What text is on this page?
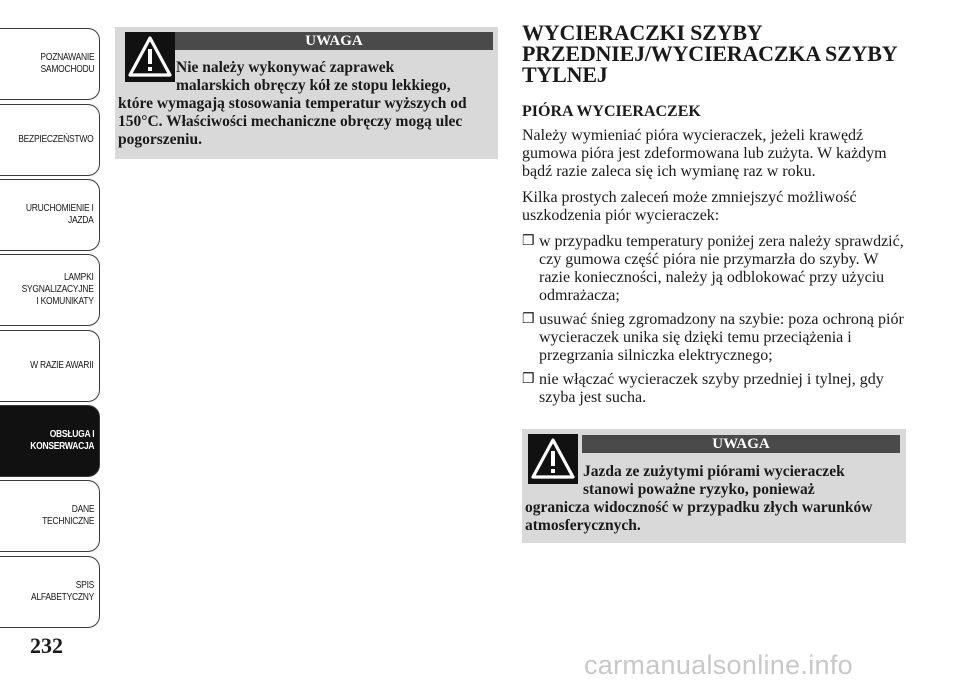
POZNAWANIE
SAMOCHODU
BEZPIECZEŃSTWO
URUCHOMIENIE I
JAZDA
LAMPKI
SYGNALIZACYJNE
I KOMUNIKATY
W RAZIE AWARII
OBSŁUGA I
KONSERWACJA
DANE
TECHNICZNE
SPIS
ALFABETYCZNY
232
UWAGA
Nie należy wykonywać zaprawek
malarskich obręczy kół ze stopu lekkiego,
które wymagają stosowania temperatur wyższych od 150°C. Właściwości mechaniczne obręczy mogą ulec pogorszeniu.
WYCIERACZKI SZYBY PRZEDNIEJ/WYCIERACZKA SZYBY TYLNEJ
PIÓRA WYCIERACZEK

Należy wymieniać pióra wycieraczek, jeżeli krawędź gumowa pióra jest zdeformowana lub zużyta. W każdym bądź razie zaleca się ich wymianę raz w roku.

Kilka prostych zaleceń może zmniejszyć możliwość uszkodzenia piór wycieraczek:

❒ w przypadku temperatury poniżej zera należy sprawdzić, czy gumowa część pióra nie przymarzła do szyby. W razie konieczności, należy ją odblokować przy użyciu odmrażacza;
❒ usuwać śnieg zgromadzony na szybie: poza ochroną piór wycieraczek unika się dzięki temu przeciążenia i przegrzania silniczka elektrycznego;
❒ nie włączać wycieraczek szyby przedniej i tylnej, gdy szyba jest sucha.
UWAGA
Jazda ze zużytymi piórami wycieraczek
stanowi poważne ryzyko, ponieważ
ogranicza widoczność w przypadku złych warunków atmosferycznych.
carmanualsonline.info
